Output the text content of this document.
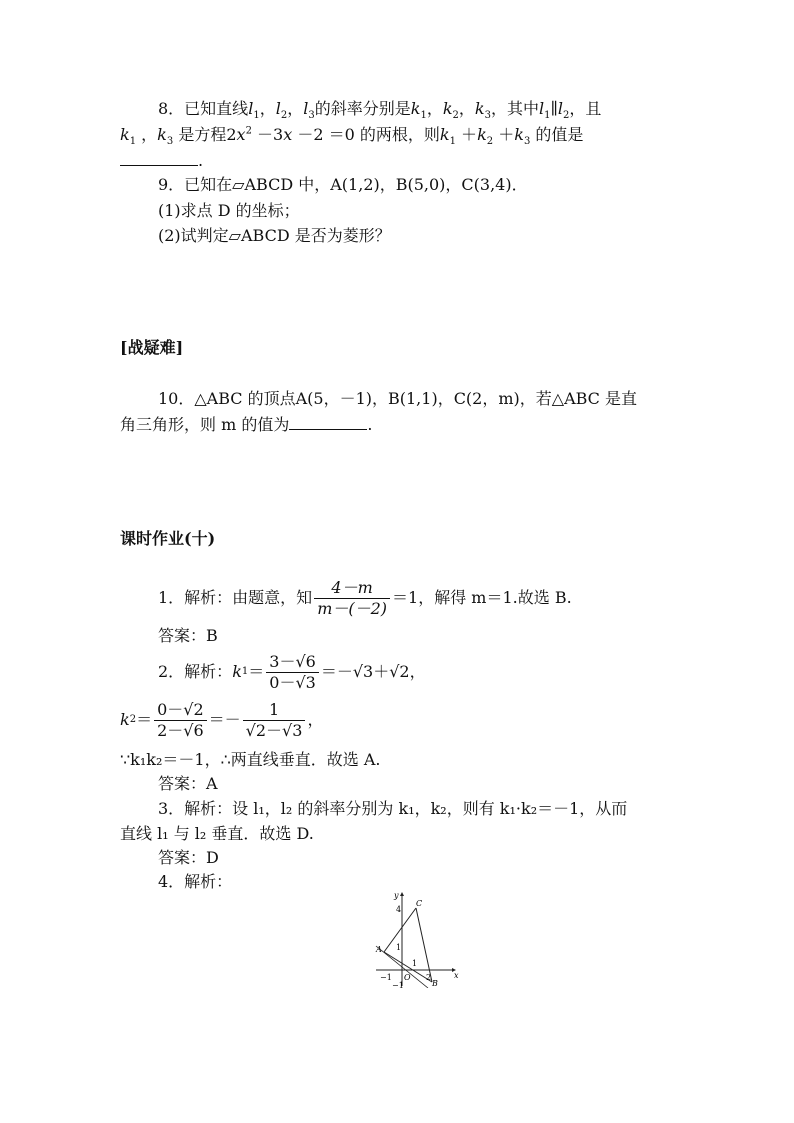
8．已知直线$l_1$，$l_2$，$l_3$的斜率分别是$k_1$，$k_2$，$k_3$，其中$l_1\parallel l_2$，且
$k_1$ ，$k_3$ 是方程$2x^2 -3x -2 =0$ 的两根，则$k_1 +k_2 +k_3$ 的值是
.
9．已知在▱ABCD 中，A(1,2)，B(5,0)，C(3,4)．
(1)求点 D 的坐标；
(2)试判定▱ABCD 是否为菱形？
[战疑难]
10．△ABC 的顶点A(5，－1)，B(1,1)，C(2，m)，若△ABC 是直
角三角形，则 m 的值为	.
课时作业(十)
1．解析：由题意，知 $\frac{4-m}{m-(-2)} =1$，解得 m＝1.故选 B.
答案：B
2．解析： k $1 = \frac{3-√6}{0-√3} =-√3+√2$，
k $2 = \frac{0-√2}{2-√6} =- \frac{1}{√2-√3}$ ，
∵k₁k₂＝－1，∴两直线垂直．故选 A.
答案：A
3．解析：设 l₁，l₂ 的斜率分别为 k₁，k₂，则有 k₁·k₂＝－1，从而
直线 l₁ 与 l₂ 垂直．故选 D.
答案：D
4．解析：
y
x
C
A
B
O
4
1
1
2
−1
−1
